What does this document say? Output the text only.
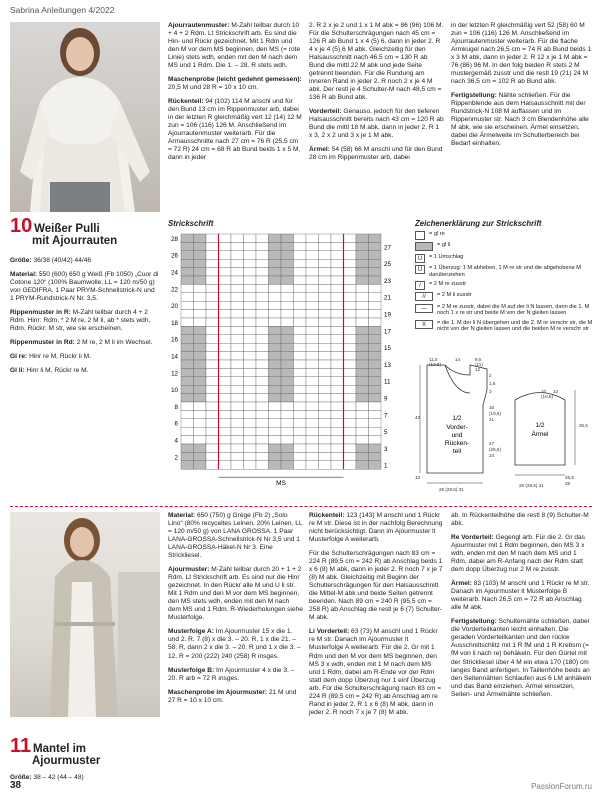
Sabrina Anleitungen 4/2022
10 Weißer Pulli
mit Ajourrauten

Größe: 36/38 (40/42) 44/46

Material: 550 (600) 650 g Weiß (Fb 1050) „Cuor di Cotone 120“ (100% Baumwolle, LL = 120 m/50 g) von GEDIFRA. 1 Paar PRYM-Schnellstrick-N und 1 PRYM-Rundstrick-N Nr. 3,5.

Rippenmuster in R: M-Zahl teilbar durch 4 + 2 Rdm. Hinr: Rdm, * 2 M re, 2 M li, ab * stets wdh, Rdm. Rückr: M str, wie sie erscheinen.

Rippenmuster in Rd: 2 M re, 2 M li im Wechsel.

Gl re: Hinr re M, Rückr li M.

Gl li: Hinr li M, Rückr re M.

Ajourrautenmuster: M-Zahl teilbar durch 10 + 4 + 2 Rdm. Lt Strickschrift arb. Es sind die Hin- und Rückr gezeichnet. Mit 1 Rdm und den M vor dem MS beginnen, den MS (= rote Linie) stets wdh, enden mit den M nach dem MS und 1 Rdm. Die 1. – 28. R stets wdh.

Maschenprobe (leicht gedehnt gemessen): 20,5 M und 28 R = 10 x 10 cm.

Rückenteil: 94 (102) 114 M anschl und für den Bund 13 cm im Rippenmuster arb, dabei in der letzten R gleichmäßig vert 12 (14) 12 M zun = 106 (116) 126 M. Anschließend im Ajourrautenmuster weiterarb. Für die Armausschnitte nach 27 cm = 76 R (25,5 cm = 72 R) 24 cm = 68 R ab Bund beids 1 x 5 M, dann in jeder

2. R 2 x je 2 und 1 x 1 M abk = 86 (96) 106 M. Für die Schulterschrägungen nach 45 cm = 126 R ab Bund 1 x 4 (5) 6, dann in jeder 2. R 4 x je 4 (5) 6 M abk. Gleichzeitig für den Halsausschnitt nach 46,5 cm = 130 R ab Bund die mittl 22 M abk und jede Seite getrennt beenden. Für die Rundung am inneren Rand in jeder 2. R noch 2 x je 4 M abk. Der restl je 4 Schulter-M nach 48,5 cm = 136 R ab Bund abk.

Vorderteil: Genauso, jedoch für den tieferen Halsausschnitt bereits nach 43 cm = 120 R ab Bund die mittl 18 M abk, dann in jeder 2. R 1 x 3, 2 x 2 und 3 x je 1 M abk.

Ärmel: 54 (58) 66 M anschl und für den Bund 28 cm im Rippenmuster arb, dabei

in der letzten R gleichmäßig vert 52 (58) 60 M zun = 106 (116) 126 M. Anschließend im Ajourrautenmuster weiterarb. Für die flache Armkugel nach 26,5 cm = 74 R ab Bund beids 1 x 3 M abk, dann in jeder 2. R 12 x je 1 M abk = 76 (86) 96 M. In den folg beiden R stets 2 M mustergemäß zusstr und die restl 19 (21) 24 M nach 36,5 cm = 102 R ab Bund abk.

Fertigstellung: Nähte schließen. Für die Rippenblende aus dem Halsausschnitt mit der Rundstrick-N 108 M auffassen und im Rippenmuster str. Nach 3 cm Blendenhöhe alle M abk, wie sie erscheinen. Ärmel einsetzen, dabei die Ärmelweite im Schulterbereich bei Bedarf einhalten.

Strickschrift	Zeichenerklärung zur Strickschrift
28
27
26
25
24
23
22
21
20
19
18
17
16
15
14
13
12
11
10
9
8
7
6
5
4
3
2
1
MS
= gl re
= gl li
U	= 1 Umschlag
Ü	= 1 Überzug: 1 M abheben, 1 M re str und die abgehobene M darüberziehen
/	= 2 M re zusstr
//	= 2 M li zusstr
—	= 2 M re zusstr, dabei die M auf der li N lassen, dann die 1. M noch 1 x re str und beide M von der N gleiten lassen
X	= die 1. M der li N übergehen und die 2. M re verschr str, die M nicht von der N gleiten lassen und die beiden M re verschr str
1/2
Vorder-
und
Rücken-
teil
1/2
Ärmel
11,5
(12,5)
14	9,5
(11)
12
2
43
1,5
3
16
(19,5)
21
27
(25,5)
24
13
26 (28,5) 31
26 (28,5) 31
36,5
10
(10,5)
12
26,5
28
11 Mantel im
Ajourmuster

Größe: 38 – 42 (44 – 48)

Material: 650 (750) g Grège (Fb 2) „Solo Lino“ (80% recyceltes Leinen, 20% Leinen, LL = 120 m/50 g) von LANA GROSSA. 1 Paar LANA-GROSSA-Schnellstrick-N Nr 3,5 und 1 LANA-GROSSA-Häkel-N Nr 3. Eine Strickliesel.

Ajourmuster: M-Zahl teilbar durch 20 + 1 + 2 Rdm. Lt Strickschrift arb. Es sind nur die Hinr gezeichnet. In den Rückr alle M und U li str. Mit 1 Rdm und den M vor dem MS beginnen, den MS stets wdh, enden mit den M nach dem MS und 1 Rdm. R-Wiederholungen siehe Musterfolge.

Musterfolge A: Im Ajourmuster 15 x die 1. und 2. R, 7 (8) x die 3. – 20. R, 1 x die 21. – 58. R, dann 2 x die 3. – 20. R und 1 x die 3. – 12. R = 200 (222) 240 (258) R insges.

Musterfolge B: Im Ajourmuster 4 x die 3. – 20. R arb = 72 R insges.

Maschenprobe im Ajourmuster: 21 M und 27 R = 10 x 10 cm.

Rückenteil: 123 (143) M anschl und 1 Rückr re M str. Diese ist in der nachfolg Berechnung nicht berücksichtigt. Dann im Ajourmuster lt Musterfolge A weiterarb.

Für die Schulterschrägungen nach 83 cm = 224 R (89,5 cm = 242 R) ab Anschlag beids 1 x 6 (8) M abk, dann in jeder 2. R noch 7 x je 7 (8) M abk. Gleichzeitig mit Beginn der Schulterschrägungen für den Halsausschnitt die Mittel-M abk und beide Seiten getrennt beenden. Nach 89 cm = 240 R (95,5 cm = 258 R) ab Anschlag die restl je 6 (7) Schulter-M abk.

Li Vorderteil: 63 (73) M anschl und 1 Rückr re M str. Danach im Ajourmuster lt Musterfolge A weiterarb. Für die 2. Gr mit 1 Rdm und den M vor dem MS beginnen, den MS 3 x wdh, enden mit 1 M nach dem MS und 1 Rdm, dabei am R-Ende vor der Rdm statt dem dopp Überzug nur 1 einf Überzug arb. Für die Schulterschrägung nach 83 cm = 224 R (89,5 cm = 242 R) ab Anschlag am re Rand in jeder 2. R 1 x 6 (8) M abk, dann in jeder 2. R noch 7 x je 7 (8) M abk.

ab. In Rückenteilhöhe die restl 8 (9) Schulter-M abk.

Re Vorderteil: Gegengl arb. Für die 2. Gr das Ajourmuster mit 1 Rdm beginnen, den MS 3 x wdh, enden mit den M nach dem MS und 1 Rdm, dabei am R-Anfang nach der Rdm statt dem dopp Überzug nur 2 M re zusstr.

Ärmel: 83 (103) M anschl und 1 Rückr re M str. Danach im Ajourmuster lt Musterfolge B weiterarb. Nach 26,5 cm = 72 R ab Anschlag alle M abk.

Fertigstellung: Schulternähte schließen, dabei die Vorderteilkanten leicht einhalten. Die geraden Vorderteilkanten und den rückw Ausschnittschlitz mit 1 R fM und 1 R Krebsm (= fM von li nach re) behäkeln. Für den Gürtel mit der Strickliesel über 4 M ein etwa 170 (180) cm langes Band anfertigen. In Taillenhöhe beids an den Seitennähten Schlaufen aus 6 LM anhäkeln und das Band einziehen. Ärmel einsetzen, Seiten- und Ärmelnähte schließen.

38	PassionForum.ru
